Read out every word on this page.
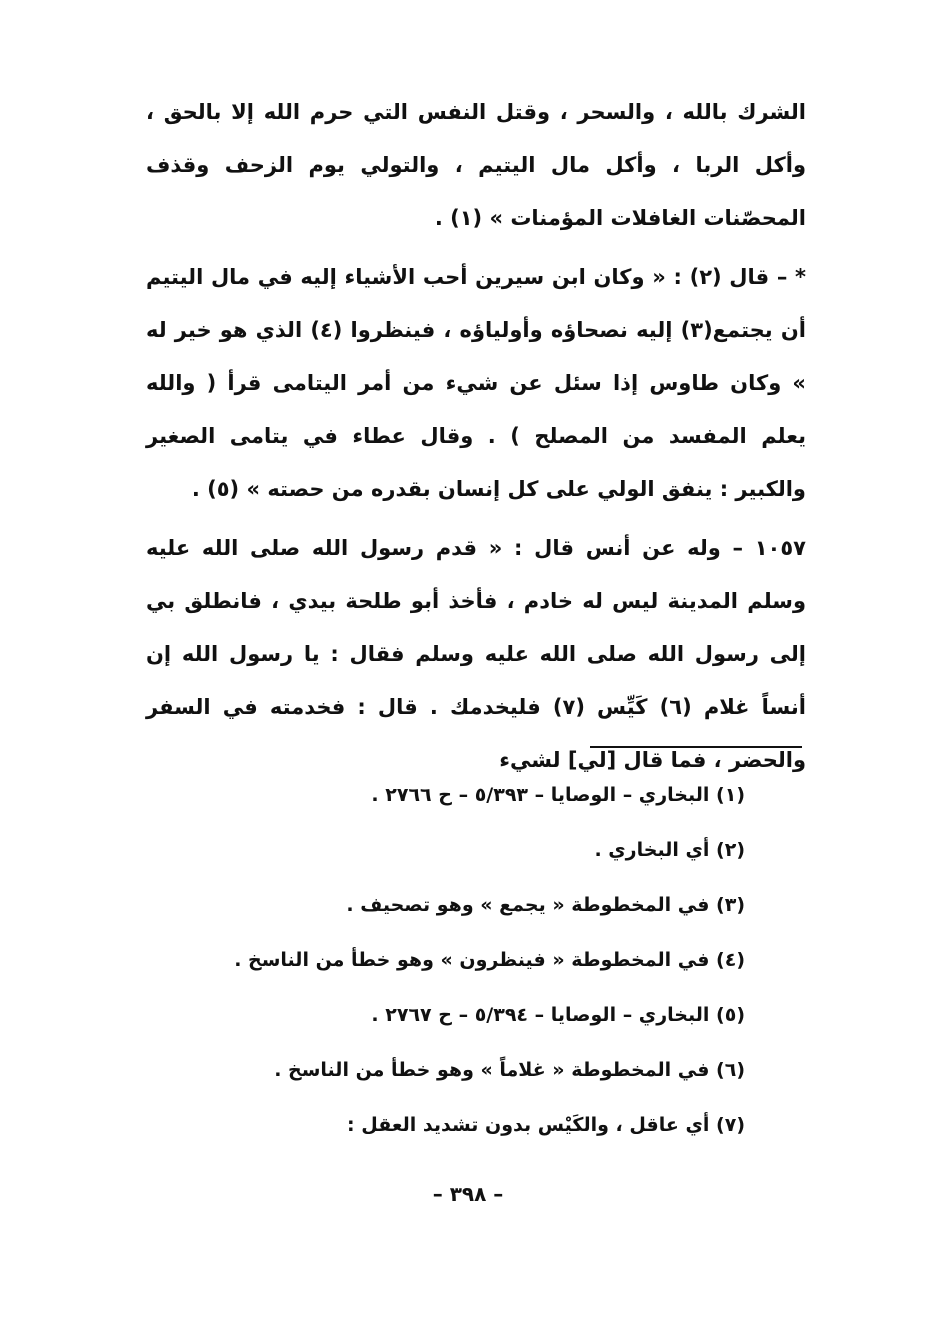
الشرك بالله ، والسحر ، وقتل النفس التي حرم الله إلا بالحق ، وأكل الربا ، وأكل مال اليتيم ، والتولي يوم الزحف وقذف المحصّنات الغافلات المؤمنات » (١) .

* – قال (٢) : « وكان ابن سيرين أحب الأشياء إليه في مال اليتيم أن يجتمع(٣) إليه نصحاؤه وأولياؤه ، فينظروا (٤) الذي هو خير له » وكان طاوس إذا سئل عن شيء من أمر اليتامى قرأ ( والله يعلم المفسد من المصلح ) . وقال عطاء في يتامى الصغير والكبير : ينفق الولي على كل إنسان بقدره من حصته » (٥) .

١٠٥٧ – وله عن أنس قال : « قدم رسول الله صلى الله عليه وسلم المدينة ليس له خادم ، فأخذ أبو طلحة بيدي ، فانطلق بي إلى رسول الله صلى الله عليه وسلم فقال : يا رسول الله إن أنساً غلام (٦) كَيِّس (٧) فليخدمك . قال : فخدمته في السفر والحضر ، فما قال [لي] لشيء

(١) البخاري – الوصايا – ٥/٣٩٣ – ح ٢٧٦٦ .
(٢) أي البخاري .
(٣) في المخطوطة « يجمع » وهو تصحيف .
(٤) في المخطوطة « فينظرون » وهو خطأ من الناسخ .
(٥) البخاري – الوصايا – ٥/٣٩٤ – ح ٢٧٦٧ .
(٦) في المخطوطة « غلاماً » وهو خطأ من الناسخ .
(٧) أي عاقل ، والكَيْس بدون تشديد العقل :
– ٣٩٨ –
